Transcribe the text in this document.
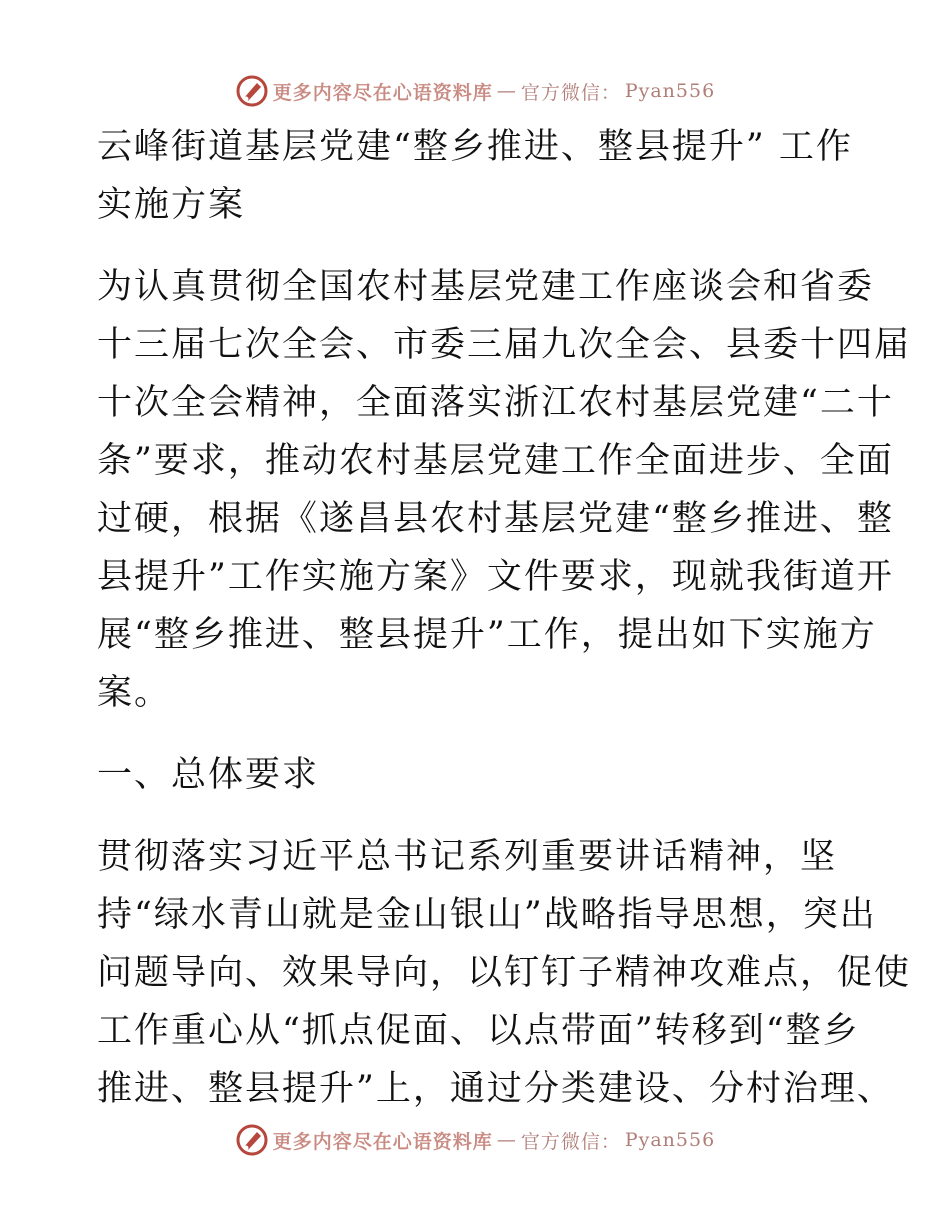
更多内容尽在心语资料库 — 官方微信： Pyan556
云峰街道基层党建“整乡推进、整县提升” 工作
实施方案
为认真贯彻全国农村基层党建工作座谈会和省委
十三届七次全会、市委三届九次全会、县委十四届
十次全会精神，全面落实浙江农村基层党建“二十
条”要求，推动农村基层党建工作全面进步、全面
过硬，根据《遂昌县农村基层党建“整乡推进、整
县提升”工作实施方案》文件要求，现就我街道开
展“整乡推进、整县提升”工作，提出如下实施方
案。
一、总体要求
贯彻落实习近平总书记系列重要讲话精神，坚
持“绿水青山就是金山银山”战略指导思想，突出
问题导向、效果导向，以钉钉子精神攻难点，促使
工作重心从“抓点促面、以点带面”转移到“整乡
推进、整县提升”上，通过分类建设、分村治理、
更多内容尽在心语资料库 — 官方微信： Pyan556
